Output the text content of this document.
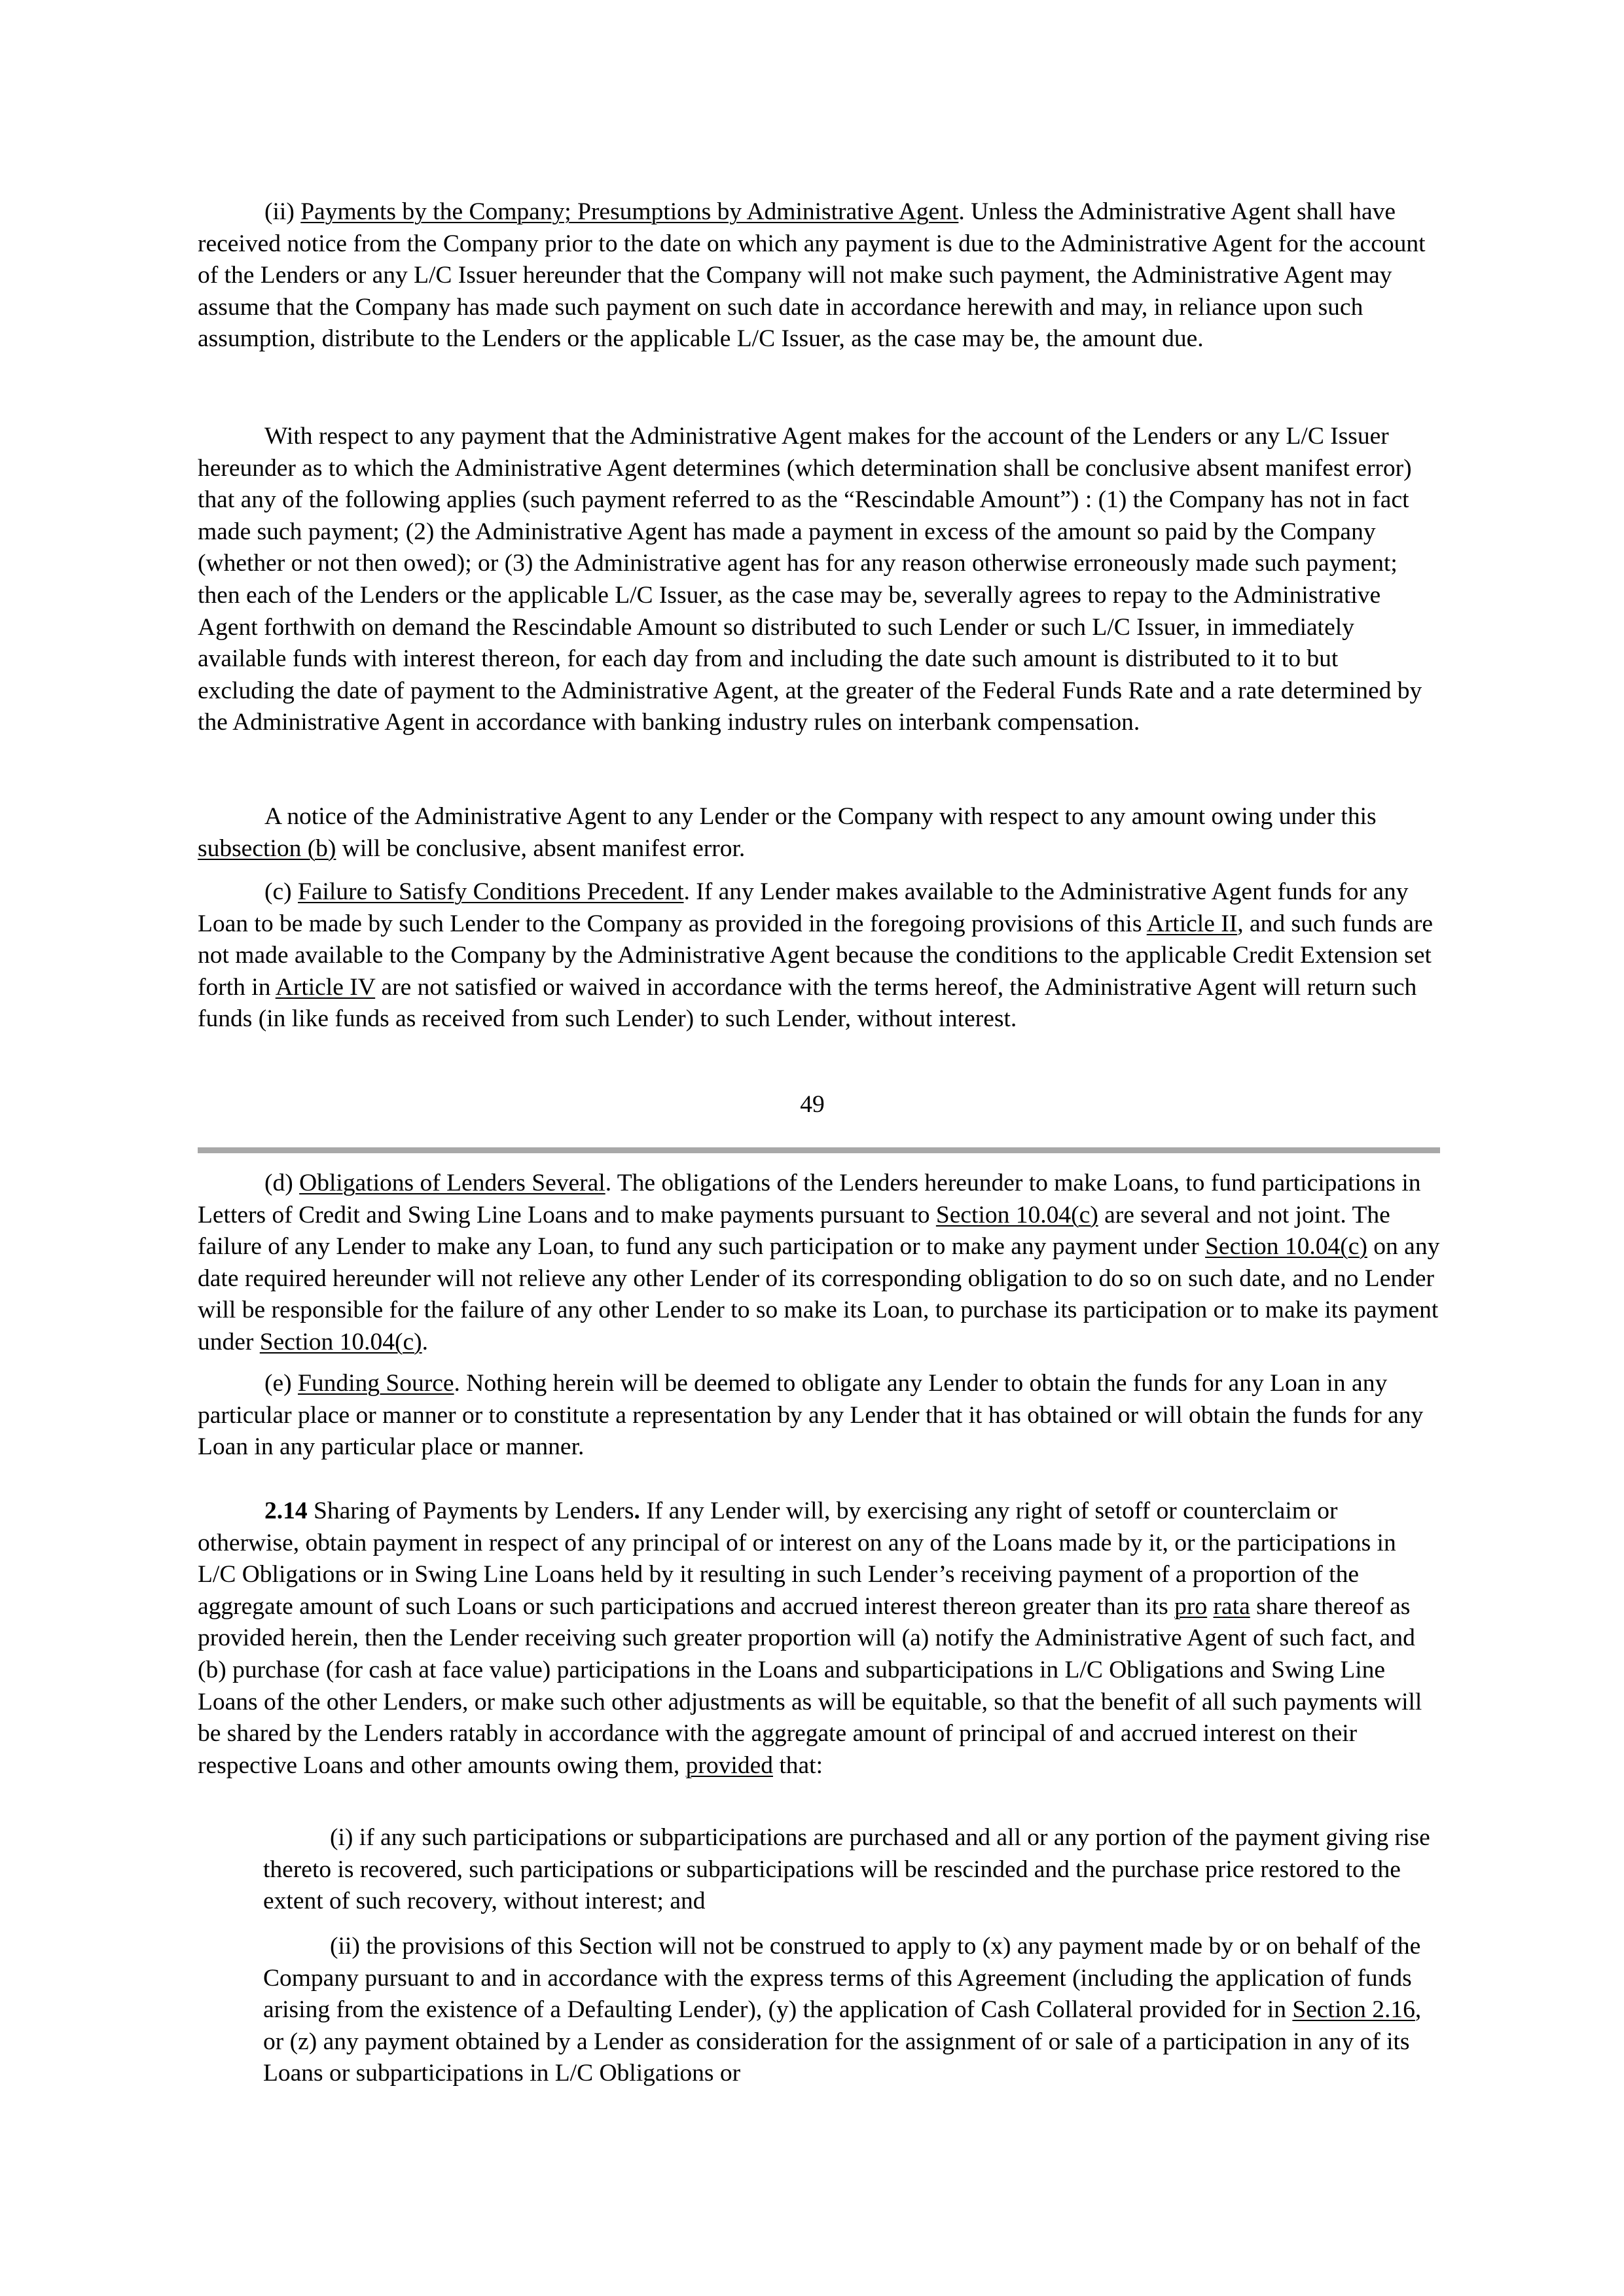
(ii) Payments by the Company; Presumptions by Administrative Agent. Unless the Administrative Agent shall have received notice from the Company prior to the date on which any payment is due to the Administrative Agent for the account of the Lenders or any L/C Issuer hereunder that the Company will not make such payment, the Administrative Agent may assume that the Company has made such payment on such date in accordance herewith and may, in reliance upon such assumption, distribute to the Lenders or the applicable L/C Issuer, as the case may be, the amount due.

With respect to any payment that the Administrative Agent makes for the account of the Lenders or any L/C Issuer hereunder as to which the Administrative Agent determines (which determination shall be conclusive absent manifest error) that any of the following applies (such payment referred to as the “Rescindable Amount”) : (1) the Company has not in fact made such payment; (2) the Administrative Agent has made a payment in excess of the amount so paid by the Company (whether or not then owed); or (3) the Administrative agent has for any reason otherwise erroneously made such payment; then each of the Lenders or the applicable L/C Issuer, as the case may be, severally agrees to repay to the Administrative Agent forthwith on demand the Rescindable Amount so distributed to such Lender or such L/C Issuer, in immediately available funds with interest thereon, for each day from and including the date such amount is distributed to it to but excluding the date of payment to the Administrative Agent, at the greater of the Federal Funds Rate and a rate determined by the Administrative Agent in accordance with banking industry rules on interbank compensation.

A notice of the Administrative Agent to any Lender or the Company with respect to any amount owing under this subsection (b) will be conclusive, absent manifest error.

(c) Failure to Satisfy Conditions Precedent. If any Lender makes available to the Administrative Agent funds for any Loan to be made by such Lender to the Company as provided in the foregoing provisions of this Article II, and such funds are not made available to the Company by the Administrative Agent because the conditions to the applicable Credit Extension set forth in Article IV are not satisfied or waived in accordance with the terms hereof, the Administrative Agent will return such funds (in like funds as received from such Lender) to such Lender, without interest.

49

(d) Obligations of Lenders Several. The obligations of the Lenders hereunder to make Loans, to fund participations in Letters of Credit and Swing Line Loans and to make payments pursuant to Section 10.04(c) are several and not joint. The failure of any Lender to make any Loan, to fund any such participation or to make any payment under Section 10.04(c) on any date required hereunder will not relieve any other Lender of its corresponding obligation to do so on such date, and no Lender will be responsible for the failure of any other Lender to so make its Loan, to purchase its participation or to make its payment under Section 10.04(c).

(e) Funding Source. Nothing herein will be deemed to obligate any Lender to obtain the funds for any Loan in any particular place or manner or to constitute a representation by any Lender that it has obtained or will obtain the funds for any Loan in any particular place or manner.

2.14 Sharing of Payments by Lenders. If any Lender will, by exercising any right of setoff or counterclaim or otherwise, obtain payment in respect of any principal of or interest on any of the Loans made by it, or the participations in L/C Obligations or in Swing Line Loans held by it resulting in such Lender’s receiving payment of a proportion of the aggregate amount of such Loans or such participations and accrued interest thereon greater than its pro rata share thereof as provided herein, then the Lender receiving such greater proportion will (a) notify the Administrative Agent of such fact, and (b) purchase (for cash at face value) participations in the Loans and subparticipations in L/C Obligations and Swing Line Loans of the other Lenders, or make such other adjustments as will be equitable, so that the benefit of all such payments will be shared by the Lenders ratably in accordance with the aggregate amount of principal of and accrued interest on their respective Loans and other amounts owing them, provided that:

(i) if any such participations or subparticipations are purchased and all or any portion of the payment giving rise thereto is recovered, such participations or subparticipations will be rescinded and the purchase price restored to the extent of such recovery, without interest; and

(ii) the provisions of this Section will not be construed to apply to (x) any payment made by or on behalf of the Company pursuant to and in accordance with the express terms of this Agreement (including the application of funds arising from the existence of a Defaulting Lender), (y) the application of Cash Collateral provided for in Section 2.16, or (z) any payment obtained by a Lender as consideration for the assignment of or sale of a participation in any of its Loans or subparticipations in L/C Obligations or
